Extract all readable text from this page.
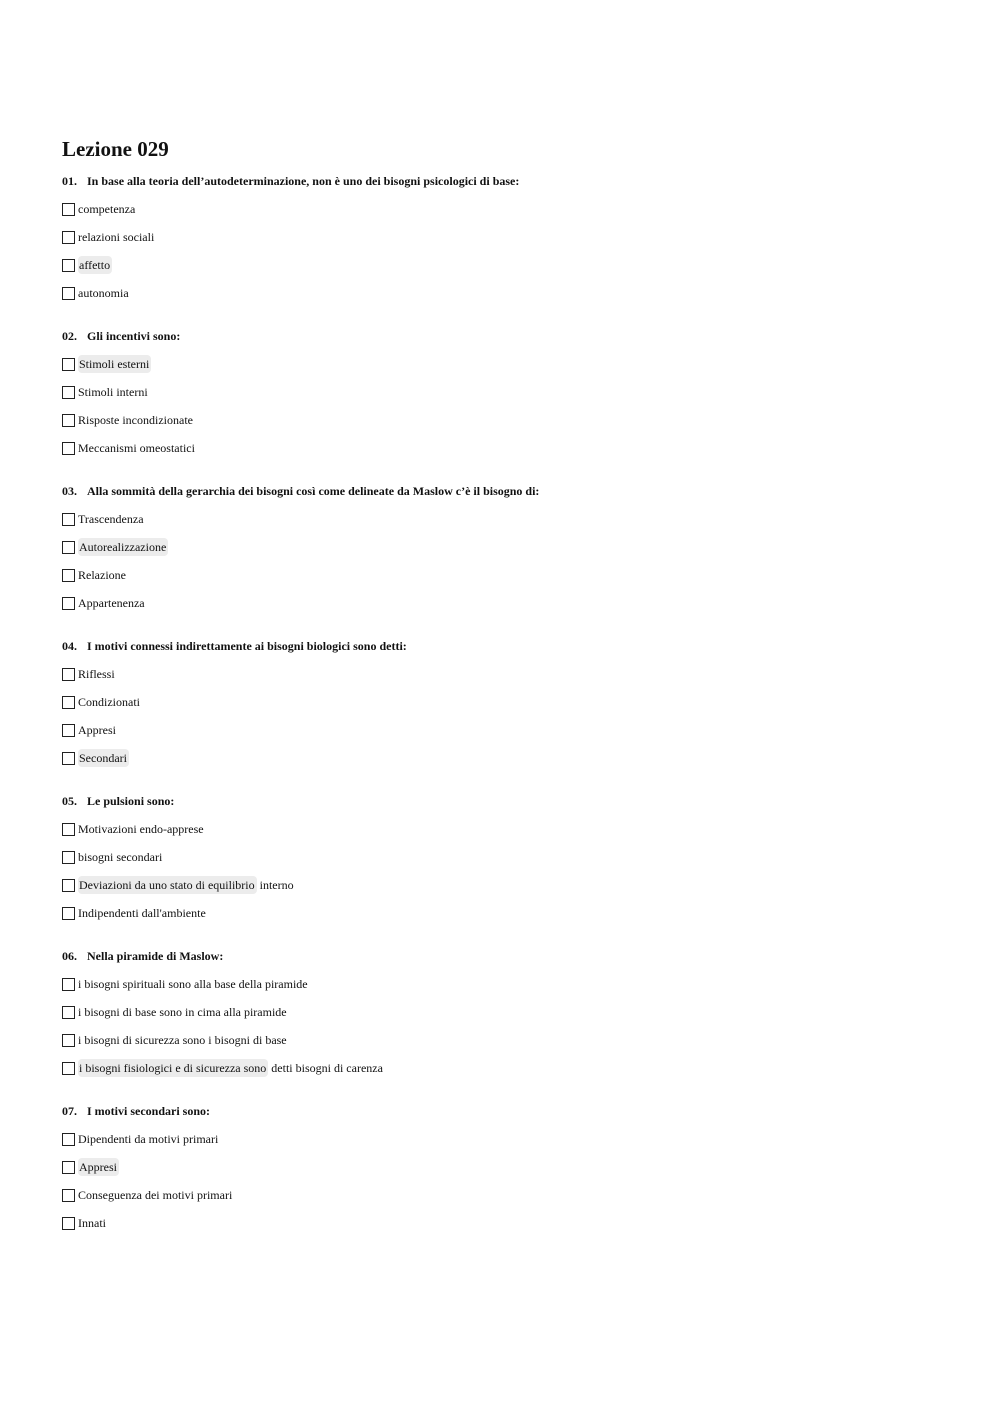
Lezione 029
01. In base alla teoria dell’autodeterminazione, non è uno dei bisogni psicologici di base:
competenza
relazioni sociali
affetto
autonomia
02. Gli incentivi sono:
Stimoli esterni
Stimoli interni
Risposte incondizionate
Meccanismi omeostatici
03. Alla sommità della gerarchia dei bisogni così come delineate da Maslow c’è il bisogno di:
Trascendenza
Autorealizzazione
Relazione
Appartenenza
04. I motivi connessi indirettamente ai bisogni biologici sono detti:
Riflessi
Condizionati
Appresi
Secondari
05. Le pulsioni sono:
Motivazioni endo-apprese
bisogni secondari
Deviazioni da uno stato di equilibrio interno
Indipendenti dall'ambiente
06. Nella piramide di Maslow:
i bisogni spirituali sono alla base della piramide
i bisogni di base sono in cima alla piramide
i bisogni di sicurezza sono i bisogni di base
i bisogni fisiologici e di sicurezza sono detti bisogni di carenza
07. I motivi secondari sono:
Dipendenti da motivi primari
Appresi
Conseguenza dei motivi primari
Innati
